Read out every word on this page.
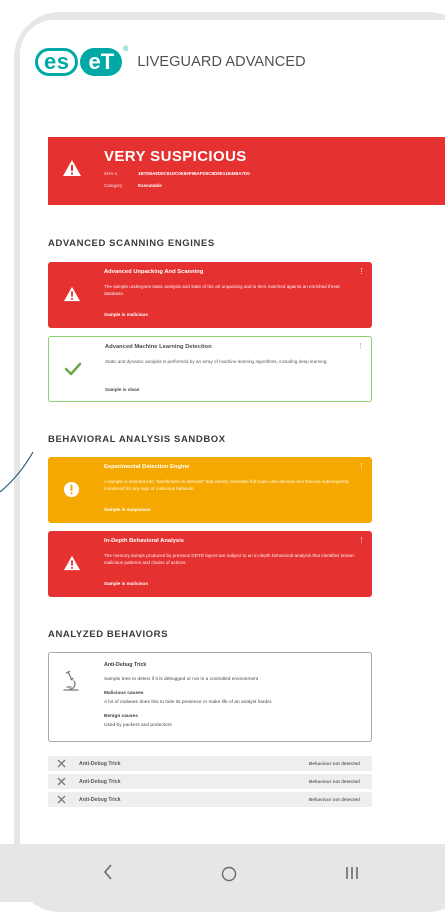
es eT	®
LIVEGUARD ADVANCED
VERY SUSPICIOUS
SHA-1	1B7D6A8D0C61DC0E50F98AFD0C8D9E11B489A7D0
Category	Executable
ADVANCED SCANNING ENGINES
Advanced Unpacking And Scanning
The sample undergoes static analysis and state of the art unpacking and is then matched against an enriched threat database.
Sample is malicious
Advanced Machine Learning Detection
Static and dynamic analysis is performed by an array of machine learning algorithms, including deep learning.
Sample is clean
BEHAVIORAL ANALYSIS SANDBOX
Experimental Detection Engine
A sample is inserted into "sandboxes on steroids" that closely resemble full scale user devices and that are subsequently monitored for any sign of malicious behavior.
Sample is suspicious
In-Depth Behavioral Analysis
The memory dumps produced by previous DDTD layers are subject to an in-depth behavioral analysis that identifies known malicious patterns and chains of actions.
Sample is malicious
ANALYZED BEHAVIORS
Anti-Debug Trick
Sample tries to detect if it is debugged or run in a controlled environment
Malicious causes
A lot of malware does this to hide its presence or make life of an analyst harder.
Benign causes
Used by packers and protectors
Anti-Debug Trick	Behaviour not detected
Anti-Debug Trick	Behaviour not detected
Anti-Debug Trick	Behaviour not detected
